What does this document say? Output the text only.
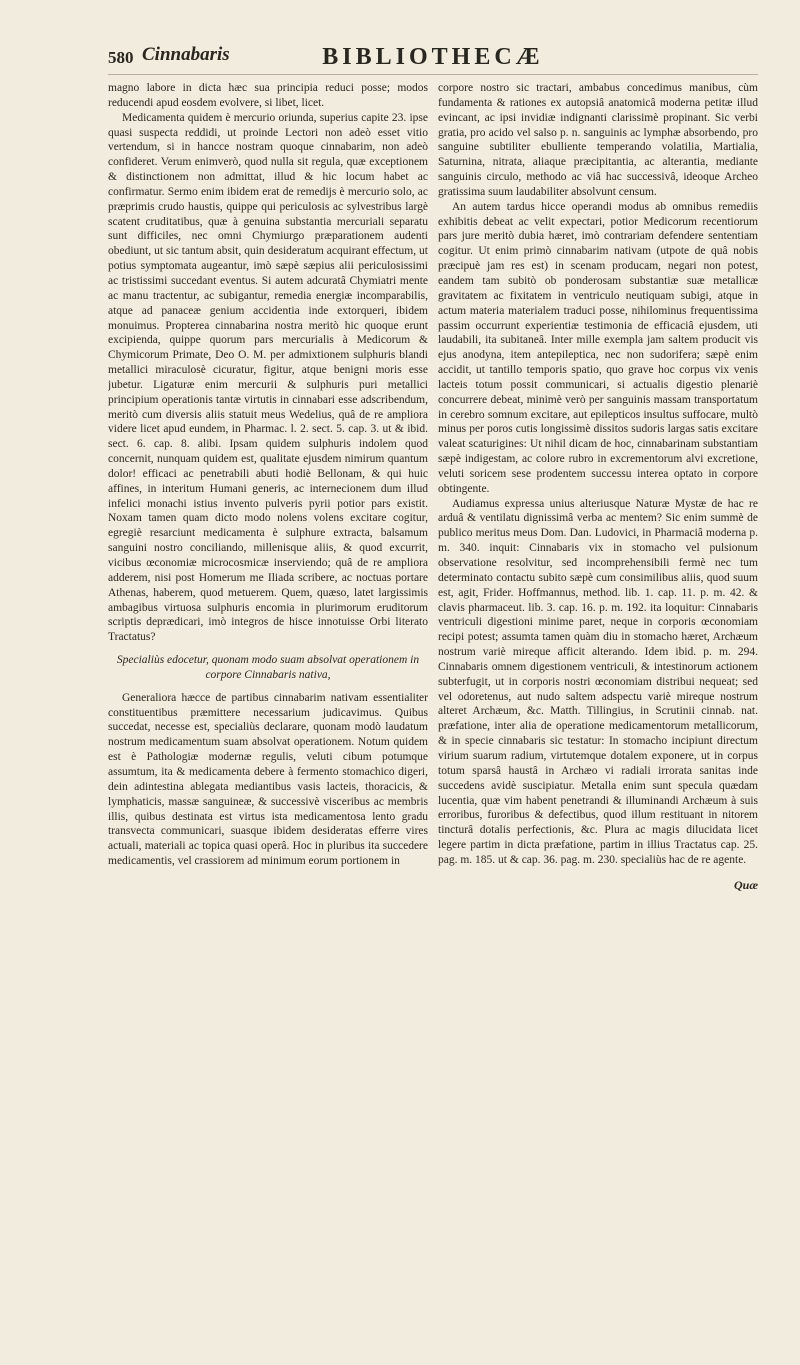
580 Cinnabaris	BIBLIOTHECÆ

magno labore in dicta hæc sua principia reduci posse; modos reducendi apud eosdem evolvere, si libet, licet.

Medicamenta quidem è mercurio oriunda, superius capite 23. ipse quasi suspecta reddidi, ut proinde Lectori non adeò esset vitio vertendum, si in hancce nostram quoque cinnabarim, non adeò confideret. Verum enimverò, quod nulla sit regula, quæ exceptionem & distinctionem non admittat, illud & hic locum habet ac confirmatur. Sermo enim ibidem erat de remedijs è mercurio solo, ac præprimis crudo haustis, quippe qui periculosis ac sylvestribus largè scatent cruditatibus, quæ à genuina substantia mercuriali separatu sunt difficiles, nec omni Chymiurgo præparationem audenti obediunt, ut sic tantum absit, quin desideratum acquirant effectum, ut potius symptomata augeantur, imò sæpè sæpius alii periculosissimi ac tristissimi succedant eventus. Si autem adcuratâ Chymiatri mente ac manu tractentur, ac subigantur, remedia energiæ incomparabilis, atque ad panaceæ genium accidentia inde extorqueri, ibidem monuimus. Propterea cinnabarina nostra meritò hic quoque erunt excipienda, quippe quorum pars mercurialis à Medicorum & Chymicorum Primate, Deo O. M. per admixtionem sulphuris blandi metallici miraculosè cicuratur, figitur, atque benigni moris esse jubetur. Ligaturæ enim mercurii & sulphuris puri metallici principium operationis tantæ virtutis in cinnabari esse adscribendum, meritò cum diversis aliis statuit meus Wedelius, quâ de re ampliora videre licet apud eundem, in Pharmac. l. 2. sect. 5. cap. 3. ut & ibid. sect. 6. cap. 8. alibi. Ipsam quidem sulphuris indolem quod concernit, nunquam quidem est, qualitate ejusdem nimirum quantum dolor! efficaci ac penetrabili abuti hodiè Bellonam, & qui huic affines, in interitum Humani generis, ac internecionem dum illud infelici monachi istius invento pulveris pyrii potior pars existit. Noxam tamen quam dicto modo nolens volens excitare cogitur, egregiè resarciunt medicamenta è sulphure extracta, balsamum sanguini nostro conciliando, millenisque aliis, & quod excurrit, vicibus œconomiæ microcosmicæ inserviendo; quâ de re ampliora adderem, nisi post Homerum me Iliada scribere, ac noctuas portare Athenas, haberem, quod metuerem. Quem, quæso, latet largissimis ambagibus virtuosa sulphuris encomia in plurimorum eruditorum scriptis deprædicari, imò integros de hisce innotuisse Orbi literato Tractatus?

Specialiùs edocetur, quonam modo suam absolvat operationem in corpore Cinnabaris nativa,

Generaliora hæcce de partibus cinnabarim nativam essentialiter constituentibus præmittere necessarium judicavimus. Quibus succedat, necesse est, specialiùs declarare, quonam modò laudatum nostrum medicamentum suam absolvat operationem. Notum quidem est è Pathologiæ modernæ regulis, veluti cibum potumque assumtum, ita & medicamenta debere à fermento stomachico digeri, dein adintestina ablegata mediantibus vasis lacteis, thoracicis, & lymphaticis, massæ sanguineæ, & successivè visceribus ac membris illis, quibus destinata est virtus ista medicamentosa lento gradu transvecta communicari, suasque ibidem desideratas efferre vires actuali, materiali ac topica quasi operâ. Hoc in pluribus ita succedere medicamentis, vel crassiorem ad minimum eorum portionem in

corpore nostro sic tractari, ambabus concedimus manibus, cùm fundamenta & rationes ex autopsiâ anatomicâ moderna petitæ illud evincant, ac ipsi invidiæ indignanti clarissimè propinant. Sic verbi gratia, pro acido vel salso p. n. sanguinis ac lymphæ absorbendo, pro sanguine subtiliter ebulliente temperando volatilia, Martialia, Saturnina, nitrata, aliaque præcipitantia, ac alterantia, mediante sanguinis circulo, methodo ac viâ hac successivâ, ideoque Archeo gratissima suum laudabiliter absolvunt censum.

An autem tardus hicce operandi modus ab omnibus remediis exhibitis debeat ac velit expectari, potior Medicorum recentiorum pars jure meritò dubia hæret, imò contrariam defendere sententiam cogitur. Ut enim primò cinnabarim nativam (utpote de quâ nobis præcipuè jam res est) in scenam producam, negari non potest, eandem tam subitò ob ponderosam substantiæ suæ metallicæ gravitatem ac fixitatem in ventriculo neutiquam subigi, atque in actum materia materialem traduci posse, nihilominus frequentissima passim occurrunt experientiæ testimonia de efficaciâ ejusdem, uti laudabili, ita subitaneâ. Inter mille exempla jam saltem producit vis ejus anodyna, item antepileptica, nec non sudorifera; sæpè enim accidit, ut tantillo temporis spatio, quo grave hoc corpus vix venis lacteis totum possit communicari, si actualis digestio plenariè concurrere debeat, minimè verò per sanguinis massam transportatum in cerebro somnum excitare, aut epilepticos insultus suffocare, multò minus per poros cutis longissimè dissitos sudoris largas satis excitare valeat scaturigines: Ut nihil dicam de hoc, cinnabarinam substantiam sæpè indigestam, ac colore rubro in excrementorum alvi excretione, veluti soricem sese prodentem successu interea optato in corpore obtingente.

Audiamus expressa unius alteriusque Naturæ Mystæ de hac re arduâ & ventilatu dignissimâ verba ac mentem? Sic enim summè de publico meritus meus Dom. Dan. Ludovici, in Pharmaciâ moderna p. m. 340. inquit: Cinnabaris vix in stomacho vel pulsionum observatione resolvitur, sed incomprehensibili fermè nec tum determinato contactu subito sæpè cum consimilibus aliis, quod suum est, agit, Frider. Hoffmannus, method. lib. 1. cap. 11. p. m. 42. & clavis pharmaceut. lib. 3. cap. 16. p. m. 192. ita loquitur: Cinnabaris ventriculi digestioni minime paret, neque in corporis œconomiam recipi potest; assumta tamen quàm diu in stomacho hæret, Archæum nostrum variè mireque afficit alterando. Idem ibid. p. m. 294. Cinnabaris omnem digestionem ventriculi, & intestinorum actionem subterfugit, ut in corporis nostri œconomiam distribui nequeat; sed vel odoretenus, aut nudo saltem adspectu variè mireque nostrum alteret Archæum, &c. Matth. Tillingius, in Scrutinii cinnab. nat. præfatione, inter alia de operatione medicamentorum metallicorum, & in specie cinnabaris sic testatur: In stomacho incipiunt directum virium suarum radium, virtutemque dotalem exponere, ut in corpus totum sparsâ haustâ in Archæo vi radiali irrorata sanitas inde succedens avidè suscipiatur. Metalla enim sunt specula quædam lucentia, quæ vim habent penetrandi & illuminandi Archæum à suis erroribus, furoribus & defectibus, quod illum restituant in nitorem tincturâ dotalis perfectionis, &c. Plura ac magis dilucidata licet legere partim in dicta præfatione, partim in illius Tractatus cap. 25. pag. m. 185. ut & cap. 36. pag. m. 230. specialiùs hac de re agente.

Quæ
